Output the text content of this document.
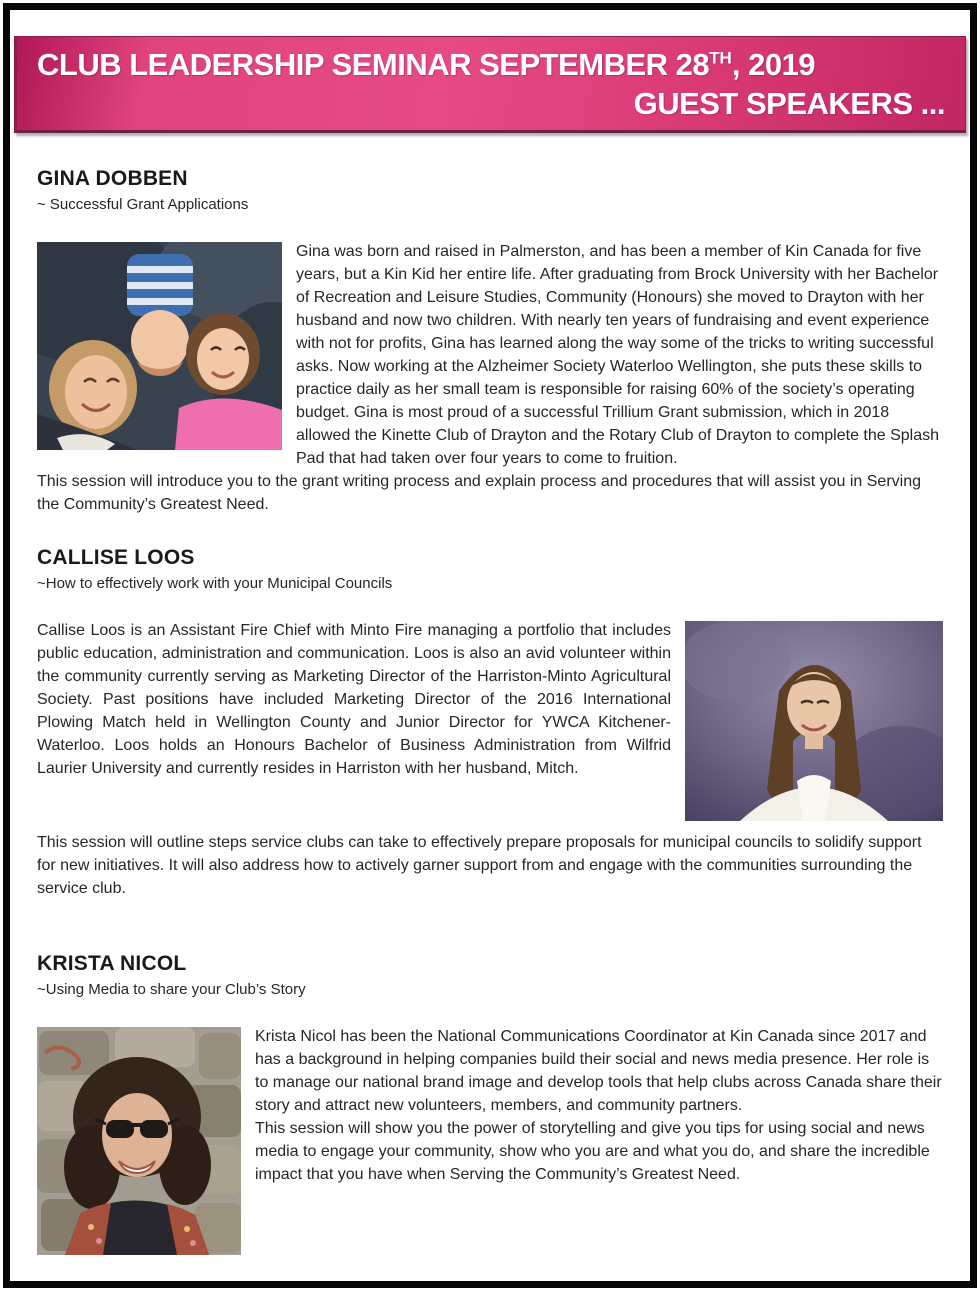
CLUB LEADERSHIP SEMINAR SEPTEMBER 28TH, 2019
GUEST SPEAKERS ...
GINA DOBBEN
~ Successful Grant Applications

Gina was born and raised in Palmerston, and has been a member of Kin Canada for five years, but a Kin Kid her entire life. After graduating from Brock University with her Bachelor of Recreation and Leisure Studies, Community (Honours) she moved to Drayton with her husband and now two children. With nearly ten years of fundraising and event experience with not for profits, Gina has learned along the way some of the tricks to writing successful asks. Now working at the Alzheimer Society Waterloo Wellington, she puts these skills to practice daily as her small team is responsible for raising 60% of the society’s operating budget. Gina is most proud of a successful Trillium Grant submission, which in 2018 allowed the Kinette Club of Drayton and the Rotary Club of Drayton to complete the Splash Pad that had taken over four years to come to fruition.

This session will introduce you to the grant writing process and explain process and procedures that will assist you in Serving the Community’s Greatest Need.

CALLISE LOOS
~How to effectively work with your Municipal Councils

Callise Loos is an Assistant Fire Chief with Minto Fire managing a portfolio that includes public education, administration and communication. Loos is also an avid volunteer within the community currently serving as Marketing Director of the Harriston-Minto Agricultural Society. Past positions have included Marketing Director of the 2016 International Plowing Match held in Wellington County and Junior Director for YWCA Kitchener-Waterloo. Loos holds an Honours Bachelor of Business Administration from Wilfrid Laurier University and currently resides in Harriston with her husband, Mitch.

This session will outline steps service clubs can take to effectively prepare proposals for municipal councils to solidify support for new initiatives. It will also address how to actively garner support from and engage with the communities surrounding the service club.

KRISTA NICOL
~Using Media to share your Club’s Story

Krista Nicol has been the National Communications Coordinator at Kin Canada since 2017 and has a background in helping companies build their social and news media presence. Her role is to manage our national brand image and develop tools that help clubs across Canada share their story and attract new volunteers, members, and community partners.

This session will show you the power of storytelling and give you tips for using social and news media to engage your community, show who you are and what you do, and share the incredible impact that you have when Serving the Community’s Greatest Need.
